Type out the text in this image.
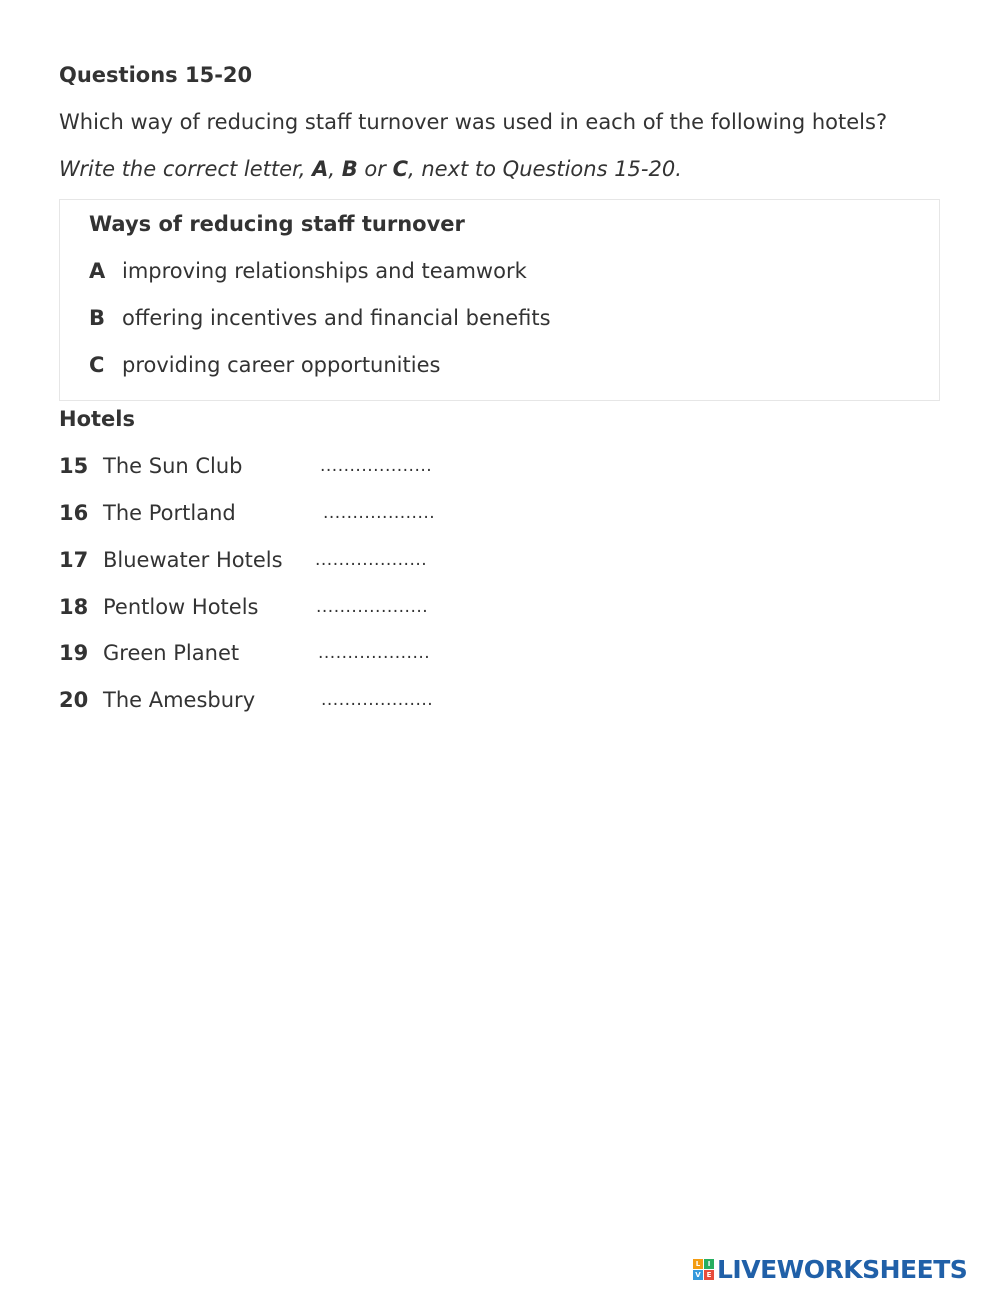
Questions 15-20
Which way of reducing staff turnover was used in each of the following hotels?
Write the correct letter, A, B or C, next to Questions 15-20.
Ways of reducing staff turnover
A improving relationships and teamwork
B offering incentives and financial benefits
C providing career opportunities
Hotels
15 The Sun Club	...................
16 The Portland	...................
17 Bluewater Hotels ...................
18 Pentlow Hotels	...................
19 Green Planet	...................
20 The Amesbury	...................
L	I
V E LIVEWORKSHEETS
